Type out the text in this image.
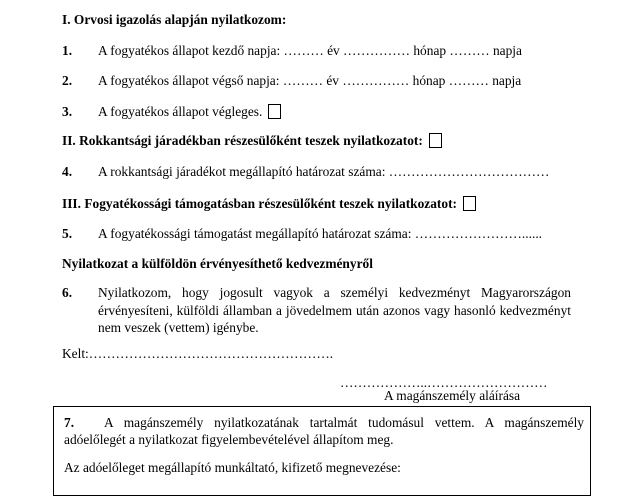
I. Orvosi igazolás alapján nyilatkozom:
1. A fogyatékos állapot kezdő napja: ……… év …………… hónap ……… napja
2. A fogyatékos állapot végső napja: ……… év …………… hónap ……… napja
3. A fogyatékos állapot végleges.
II. Rokkantsági járadékban részesülőként teszek nyilatkozatot:
4. A rokkantsági járadékot megállapító határozat száma: ………………………………
III. Fogyatékossági támogatásban részesülőként teszek nyilatkozatot:
5. A fogyatékossági támogatást megállapító határozat száma: ……………………......
Nyilatkozat a külföldön érvényesíthető kedvezményről
6. Nyilatkozom, hogy jogosult vagyok a személyi kedvezményt Magyarországon
érvényesíteni, külföldi államban a jövedelmem után azonos vagy hasonló kedvezményt
nem veszek (vettem) igénybe.
Kelt:……………………………………………….
………………..………………………
A magánszemély aláírása
7. A magánszemély nyilatkozatának tartalmát tudomásul vettem. A magánszemély
adóelőlegét a nyilatkozat figyelembevételével állapítom meg.
Az adóelőleget megállapító munkáltató, kifizető megnevezése:
